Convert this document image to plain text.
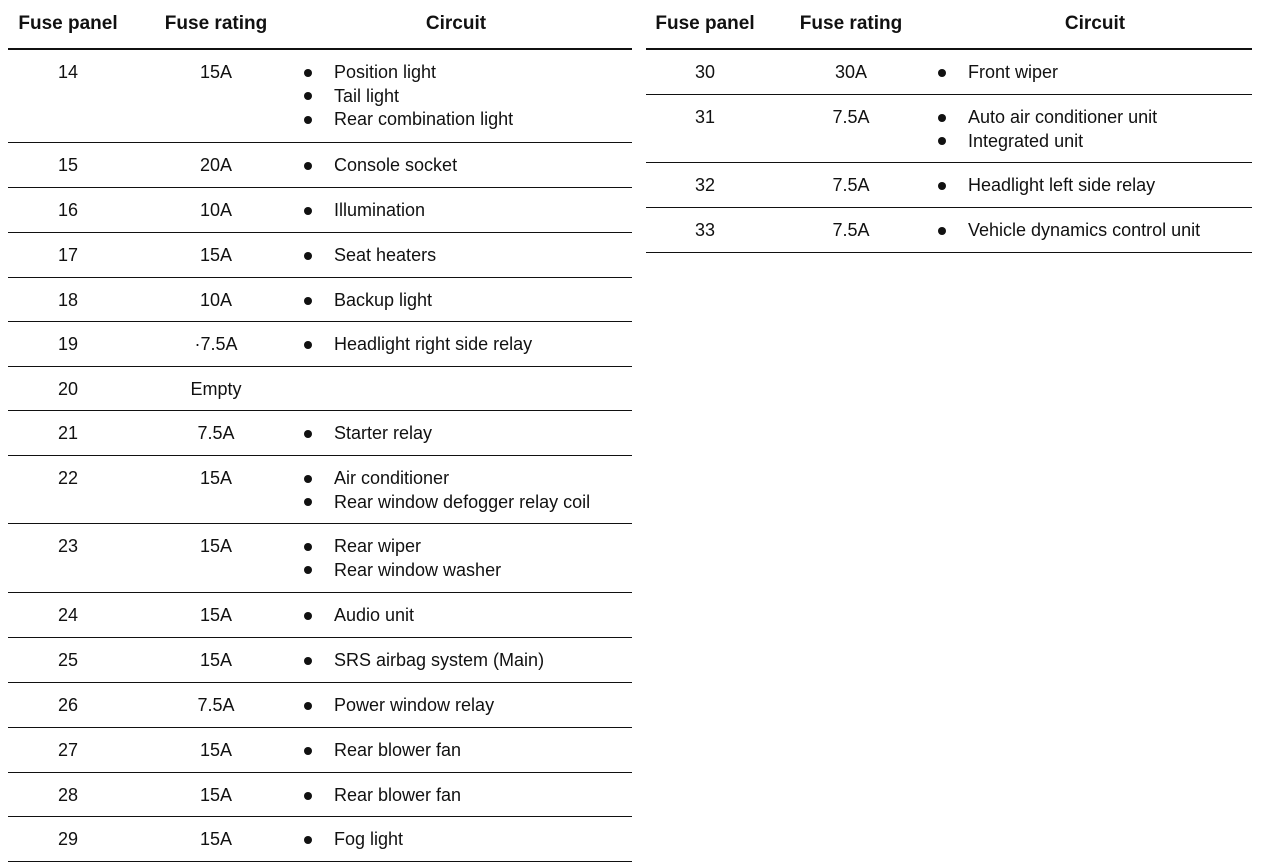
Fuse panel	Fuse rating	Circuit
14	15A	Position light
Tail light
Rear combination light
15	20A	Console socket
16	10A	Illumination
17	15A	Seat heaters
18	10A	Backup light
19	·7.5A	Headlight right side relay
20	Empty
21	7.5A	Starter relay
22	15A	Air conditioner
Rear window defogger relay coil
23	15A	Rear wiper
Rear window washer
24	15A	Audio unit
25	15A	SRS airbag system (Main)
26	7.5A	Power window relay
27	15A	Rear blower fan
28	15A	Rear blower fan
29	15A	Fog light
Fuse panel	Fuse rating	Circuit
30	30A	Front wiper
31	7.5A	Auto air conditioner unit
Integrated unit
32	7.5A	Headlight left side relay
33	7.5A	Vehicle dynamics control unit
